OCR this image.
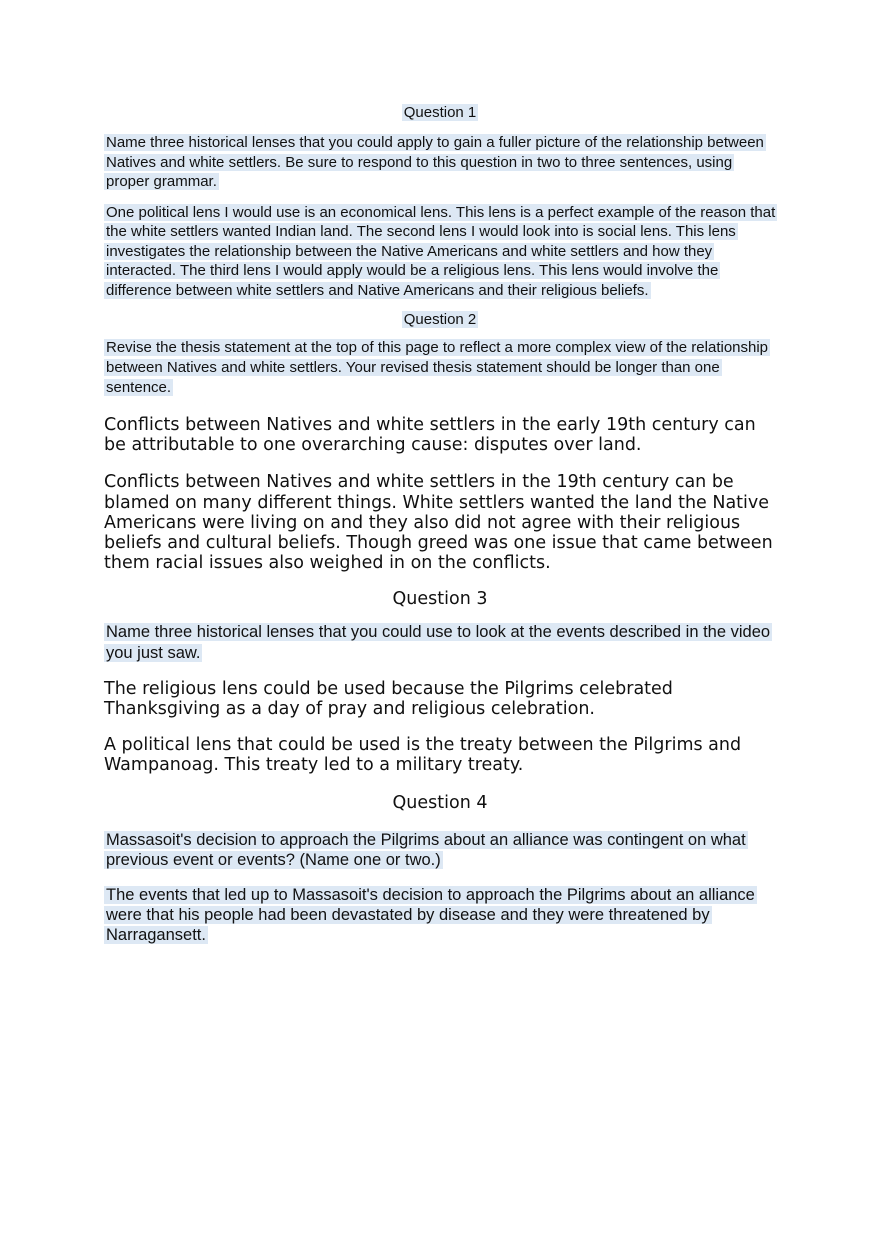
Question 1

Name three historical lenses that you could apply to gain a fuller picture of the relationship between Natives and white settlers. Be sure to respond to this question in two to three sentences, using proper grammar.

One political lens I would use is an economical lens. This lens is a perfect example of the reason that the white settlers wanted Indian land. The second lens I would look into is social lens. This lens investigates the relationship between the Native Americans and white settlers and how they interacted. The third lens I would apply would be a religious lens. This lens would involve the difference between white settlers and Native Americans and their religious beliefs.

Question 2

Revise the thesis statement at the top of this page to reflect a more complex view of the relationship between Natives and white settlers. Your revised thesis statement should be longer than one sentence.

Conflicts between Natives and white settlers in the early 19th century can be attributable to one overarching cause: disputes over land.

Conflicts between Natives and white settlers in the 19th century can be blamed on many different things. White settlers wanted the land the Native Americans were living on and they also did not agree with their religious beliefs and cultural beliefs. Though greed was one issue that came between them racial issues also weighed in on the conflicts.

Question 3

Name three historical lenses that you could use to look at the events described in the video you just saw.

The religious lens could be used because the Pilgrims celebrated Thanksgiving as a day of pray and religious celebration.

A political lens that could be used is the treaty between the Pilgrims and Wampanoag. This treaty led to a military treaty.

Question 4

Massasoit's decision to approach the Pilgrims about an alliance was contingent on what previous event or events? (Name one or two.)

The events that led up to Massasoit's decision to approach the Pilgrims about an alliance were that his people had been devastated by disease and they were threatened by Narragansett.
